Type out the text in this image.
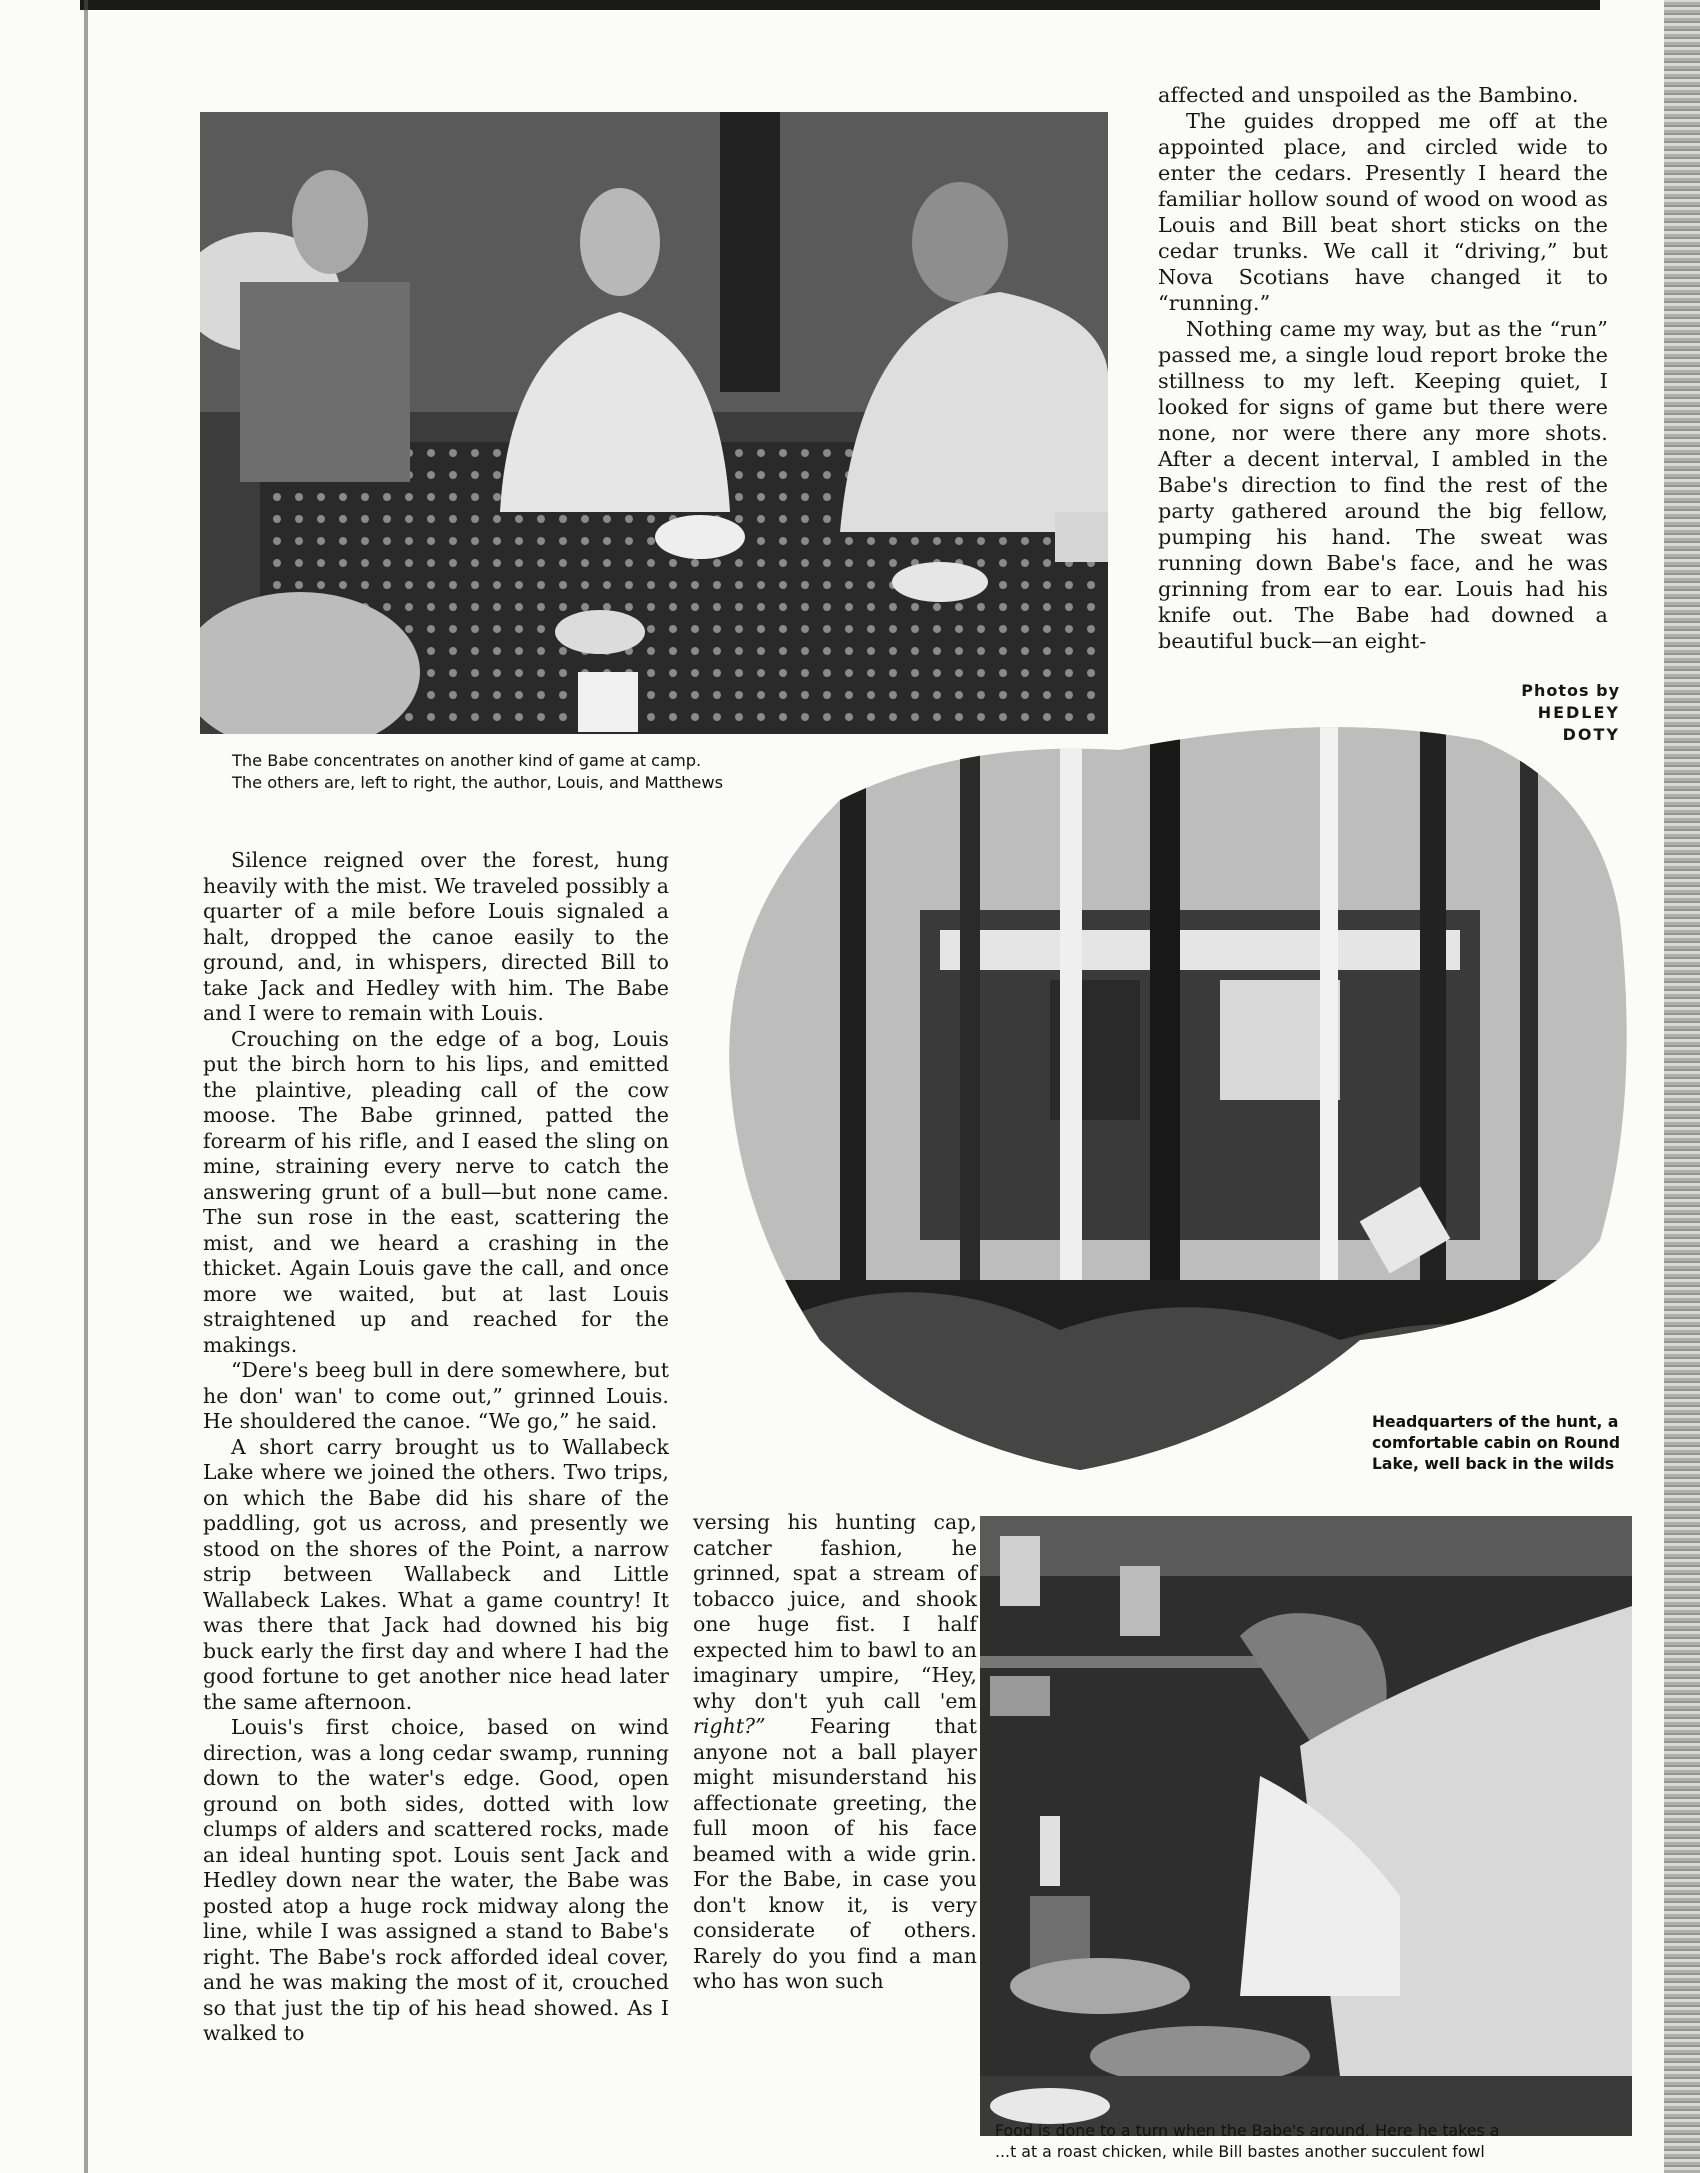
The Babe concentrates on another kind of game at camp.
The others are, left to right, the author, Louis, and Matthews

affected and unspoiled as the Bambino.

The guides dropped me off at the appointed place, and circled wide to enter the cedars. Presently I heard the familiar hollow sound of wood on wood as Louis and Bill beat short sticks on the cedar trunks. We call it “driving,” but Nova Scotians have changed it to “running.”

Nothing came my way, but as the “run” passed me, a single loud report broke the stillness to my left. Keeping quiet, I looked for signs of game but there were none, nor were there any more shots. After a decent interval, I ambled in the Babe's direction to find the rest of the party gathered around the big fellow, pumping his hand. The sweat was running down Babe's face, and he was grinning from ear to ear. Louis had his knife out. The Babe had downed a beautiful buck—an eight-

Photos by
HEDLEY
DOTY
Headquarters of the hunt, a
comfortable cabin on Round
Lake, well back in the wilds

Silence reigned over the forest, hung heavily with the mist. We traveled possibly a quarter of a mile before Louis signaled a halt, dropped the canoe easily to the ground, and, in whispers, directed Bill to take Jack and Hedley with him. The Babe and I were to remain with Louis.

Crouching on the edge of a bog, Louis put the birch horn to his lips, and emitted the plaintive, pleading call of the cow moose. The Babe grinned, patted the forearm of his rifle, and I eased the sling on mine, straining every nerve to catch the answering grunt of a bull—but none came. The sun rose in the east, scattering the mist, and we heard a crashing in the thicket. Again Louis gave the call, and once more we waited, but at last Louis straightened up and reached for the makings.

“Dere's beeg bull in dere somewhere, but he don' wan' to come out,” grinned Louis. He shouldered the canoe. “We go,” he said.

A short carry brought us to Wallabeck Lake where we joined the others. Two trips, on which the Babe did his share of the paddling, got us across, and presently we stood on the shores of the Point, a narrow strip between Wallabeck and Little Wallabeck Lakes. What a game country! It was there that Jack had downed his big buck early the first day and where I had the good fortune to get another nice head later the same afternoon.

Louis's first choice, based on wind direction, was a long cedar swamp, running down to the water's edge. Good, open ground on both sides, dotted with low clumps of alders and scattered rocks, made an ideal hunting spot. Louis sent Jack and Hedley down near the water, the Babe was posted atop a huge rock midway along the line, while I was assigned a stand to Babe's right. The Babe's rock afforded ideal cover, and he was making the most of it, crouched so that just the tip of his head showed. As I walked to

versing his hunting cap, catcher fashion, he grinned, spat a stream of tobacco juice, and shook one huge fist. I half expected him to bawl to an imaginary umpire, “Hey, why don't yuh call 'em right?” Fearing that anyone not a ball player might misunderstand his affectionate greeting, the full moon of his face beamed with a wide grin. For the Babe, in case you don't know it, is very considerate of others. Rarely do you find a man who has won such

Food is done to a turn when the Babe's around. Here he takes a
...t at a roast chicken, while Bill bastes another succulent fowl
